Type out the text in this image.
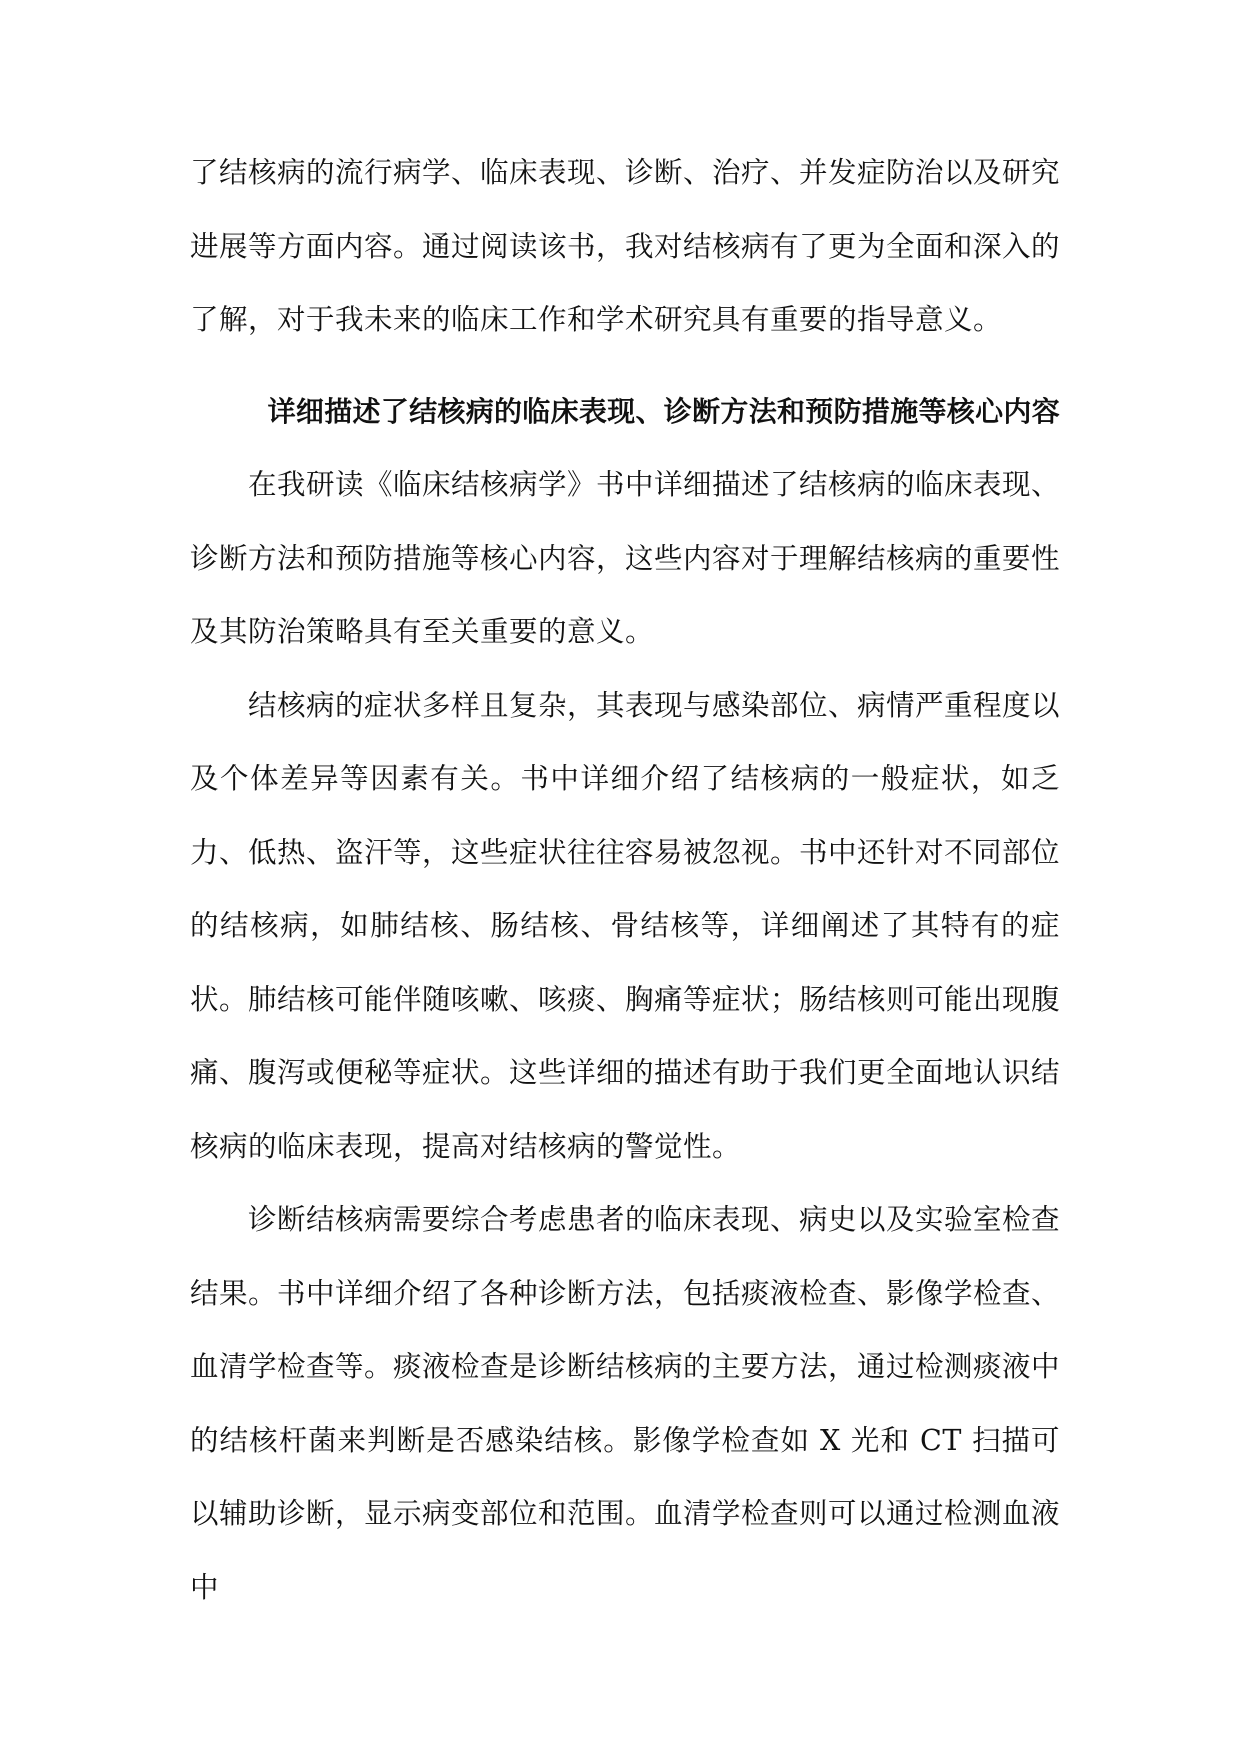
了结核病的流行病学、临床表现、诊断、治疗、并发症防治以及研究进展等方面内容。通过阅读该书，我对结核病有了更为全面和深入的了解，对于我未来的临床工作和学术研究具有重要的指导意义。

详细描述了结核病的临床表现、诊断方法和预防措施等核心内容

在我研读《临床结核病学》书中详细描述了结核病的临床表现、诊断方法和预防措施等核心内容，这些内容对于理解结核病的重要性及其防治策略具有至关重要的意义。

结核病的症状多样且复杂，其表现与感染部位、病情严重程度以及个体差异等因素有关。书中详细介绍了结核病的一般症状，如乏力、低热、盗汗等，这些症状往往容易被忽视。书中还针对不同部位的结核病，如肺结核、肠结核、骨结核等，详细阐述了其特有的症状。肺结核可能伴随咳嗽、咳痰、胸痛等症状；肠结核则可能出现腹痛、腹泻或便秘等症状。这些详细的描述有助于我们更全面地认识结核病的临床表现，提高对结核病的警觉性。

诊断结核病需要综合考虑患者的临床表现、病史以及实验室检查结果。书中详细介绍了各种诊断方法，包括痰液检查、影像学检查、血清学检查等。痰液检查是诊断结核病的主要方法，通过检测痰液中的结核杆菌来判断是否感染结核。影像学检查如 X 光和 CT 扫描可以辅助诊断，显示病变部位和范围。血清学检查则可以通过检测血液中
